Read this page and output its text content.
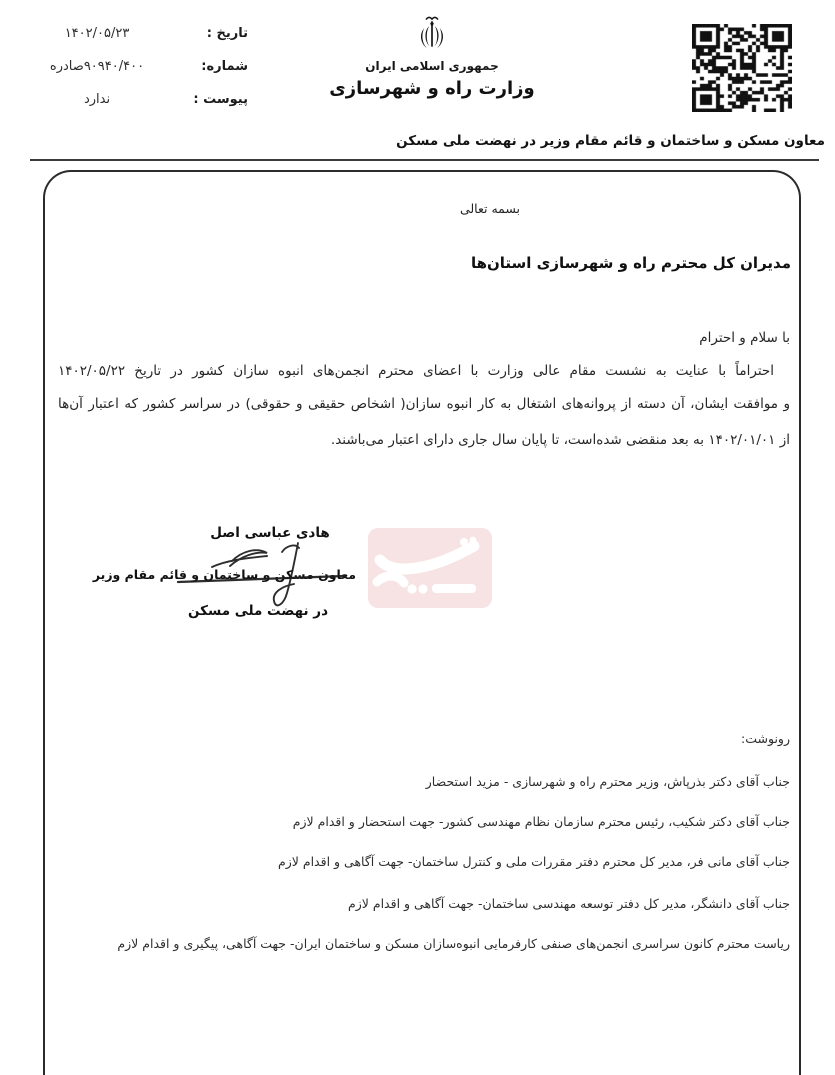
تاریخ :
۱۴۰۲/۰۵/۲۳
شماره:
۹۰۹۴۰/۴۰۰صادره
پیوست :
ندارد
جمهوری اسلامی ایران
وزارت راه و شهرسازی
معاون مسکن و ساختمان و قائم مقام وزیر در نهضت ملی مسکن
بسمه تعالی
مدیران کل محترم راه و شهرسازی استان‌ها
با سلام و احترام
احتراماً با عنایت به نشست مقام عالی وزارت با اعضای محترم انجمن‌های انبوه سازان کشور در تاریخ ۱۴۰۲/۰۵/۲۲
و موافقت ایشان، آن دسته از پروانه‌های اشتغال به کار انبوه سازان( اشخاص حقیقی و حقوقی) در سراسر کشور که اعتبار آن‌ها
از ۱۴۰۲/۰۱/۰۱ به بعد منقضی شده‌است، تا پایان سال جاری دارای اعتبار می‌باشند.
هادی عباسی اصل
معاون مسکن و ساختمان و قائم مقام وزیر
در نهضت ملی مسکن
رونوشت:
جناب آقای دکتر بذرپاش، وزیر محترم راه و شهرسازی - مزید استحضار
جناب آقای دکتر شکیب، رئیس محترم سازمان نظام مهندسی کشور- جهت استحضار و اقدام لازم
جناب آقای مانی فر، مدیر کل محترم دفتر مقررات ملی و کنترل ساختمان- جهت آگاهی و اقدام لازم
جناب آقای دانشگر، مدیر کل دفتر توسعه مهندسی ساختمان- جهت آگاهی و اقدام لازم
ریاست محترم کانون سراسری انجمن‌های صنفی کارفرمایی انبوه‌سازان مسکن و ساختمان ایران- جهت آگاهی، پیگیری و اقدام لازم
